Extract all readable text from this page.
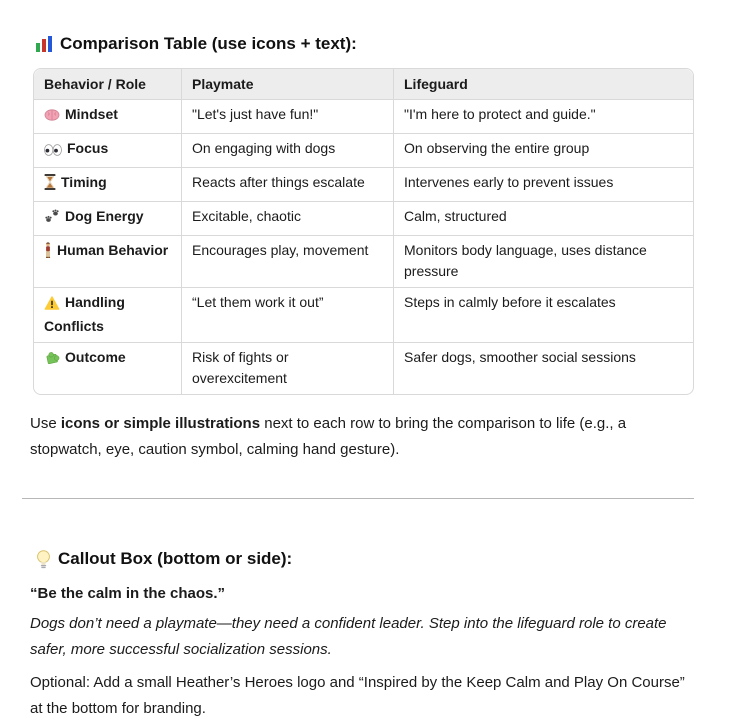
Comparison Table (use icons + text):
Behavior / Role	Playmate	Lifeguard
Mindset	"Let's just have fun!"	"I'm here to protect and guide."
Focus	On engaging with dogs	On observing the entire group
Timing	Reacts after things escalate	Intervenes early to prevent issues
Dog Energy	Excitable, chaotic	Calm, structured
Human Behavior	Encourages play, movement	Monitors body language, uses distance pressure
Handling Conflicts	“Let them work it out”	Steps in calmly before it escalates
Outcome	Risk of fights or overexcitement	Safer dogs, smoother social sessions

Use icons or simple illustrations next to each row to bring the comparison to life (e.g., a stopwatch, eye, caution symbol, calming hand gesture).

Callout Box (bottom or side):

“Be the calm in the chaos.”

Dogs don’t need a playmate—they need a confident leader. Step into the lifeguard role to create safer, more successful socialization sessions.

Optional: Add a small Heather’s Heroes logo and “Inspired by the Keep Calm and Play On Course” at the bottom for branding.
